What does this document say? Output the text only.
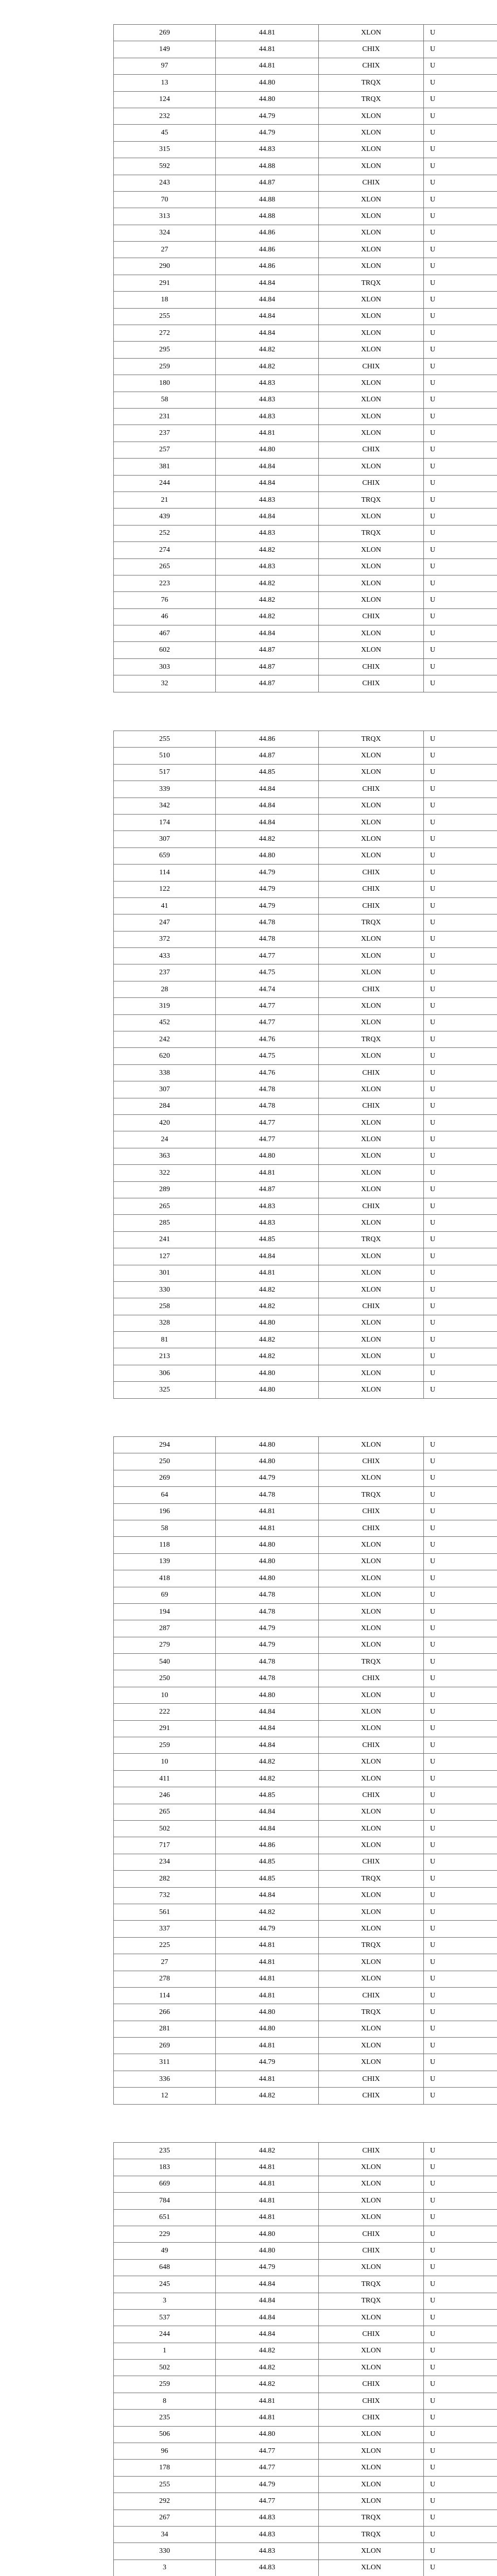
269	44.81	XLON	U
149	44.81	CHIX	U
97	44.81	CHIX	U
13	44.80	TRQX	U
124	44.80	TRQX	U
232	44.79	XLON	U
45	44.79	XLON	U
315	44.83	XLON	U
592	44.88	XLON	U
243	44.87	CHIX	U
70	44.88	XLON	U
313	44.88	XLON	U
324	44.86	XLON	U
27	44.86	XLON	U
290	44.86	XLON	U
291	44.84	TRQX	U
18	44.84	XLON	U
255	44.84	XLON	U
272	44.84	XLON	U
295	44.82	XLON	U
259	44.82	CHIX	U
180	44.83	XLON	U
58	44.83	XLON	U
231	44.83	XLON	U
237	44.81	XLON	U
257	44.80	CHIX	U
381	44.84	XLON	U
244	44.84	CHIX	U
21	44.83	TRQX	U
439	44.84	XLON	U
252	44.83	TRQX	U
274	44.82	XLON	U
265	44.83	XLON	U
223	44.82	XLON	U
76	44.82	XLON	U
46	44.82	CHIX	U
467	44.84	XLON	U
602	44.87	XLON	U
303	44.87	CHIX	U
32	44.87	CHIX	U
255	44.86	TRQX	U
510	44.87	XLON	U
517	44.85	XLON	U
339	44.84	CHIX	U
342	44.84	XLON	U
174	44.84	XLON	U
307	44.82	XLON	U
659	44.80	XLON	U
114	44.79	CHIX	U
122	44.79	CHIX	U
41	44.79	CHIX	U
247	44.78	TRQX	U
372	44.78	XLON	U
433	44.77	XLON	U
237	44.75	XLON	U
28	44.74	CHIX	U
319	44.77	XLON	U
452	44.77	XLON	U
242	44.76	TRQX	U
620	44.75	XLON	U
338	44.76	CHIX	U
307	44.78	XLON	U
284	44.78	CHIX	U
420	44.77	XLON	U
24	44.77	XLON	U
363	44.80	XLON	U
322	44.81	XLON	U
289	44.87	XLON	U
265	44.83	CHIX	U
285	44.83	XLON	U
241	44.85	TRQX	U
127	44.84	XLON	U
301	44.81	XLON	U
330	44.82	XLON	U
258	44.82	CHIX	U
328	44.80	XLON	U
81	44.82	XLON	U
213	44.82	XLON	U
306	44.80	XLON	U
325	44.80	XLON	U
294	44.80	XLON	U
250	44.80	CHIX	U
269	44.79	XLON	U
64	44.78	TRQX	U
196	44.81	CHIX	U
58	44.81	CHIX	U
118	44.80	XLON	U
139	44.80	XLON	U
418	44.80	XLON	U
69	44.78	XLON	U
194	44.78	XLON	U
287	44.79	XLON	U
279	44.79	XLON	U
540	44.78	TRQX	U
250	44.78	CHIX	U
10	44.80	XLON	U
222	44.84	XLON	U
291	44.84	XLON	U
259	44.84	CHIX	U
10	44.82	XLON	U
411	44.82	XLON	U
246	44.85	CHIX	U
265	44.84	XLON	U
502	44.84	XLON	U
717	44.86	XLON	U
234	44.85	CHIX	U
282	44.85	TRQX	U
732	44.84	XLON	U
561	44.82	XLON	U
337	44.79	XLON	U
225	44.81	TRQX	U
27	44.81	XLON	U
278	44.81	XLON	U
114	44.81	CHIX	U
266	44.80	TRQX	U
281	44.80	XLON	U
269	44.81	XLON	U
311	44.79	XLON	U
336	44.81	CHIX	U
12	44.82	CHIX	U
235	44.82	CHIX	U
183	44.81	XLON	U
669	44.81	XLON	U
784	44.81	XLON	U
651	44.81	XLON	U
229	44.80	CHIX	U
49	44.80	CHIX	U
648	44.79	XLON	U
245	44.84	TRQX	U
3	44.84	TRQX	U
537	44.84	XLON	U
244	44.84	CHIX	U
1	44.82	XLON	U
502	44.82	XLON	U
259	44.82	CHIX	U
8	44.81	CHIX	U
235	44.81	CHIX	U
506	44.80	XLON	U
96	44.77	XLON	U
178	44.77	XLON	U
255	44.79	XLON	U
292	44.77	XLON	U
267	44.83	TRQX	U
34	44.83	TRQX	U
330	44.83	XLON	U
3	44.83	XLON	U
